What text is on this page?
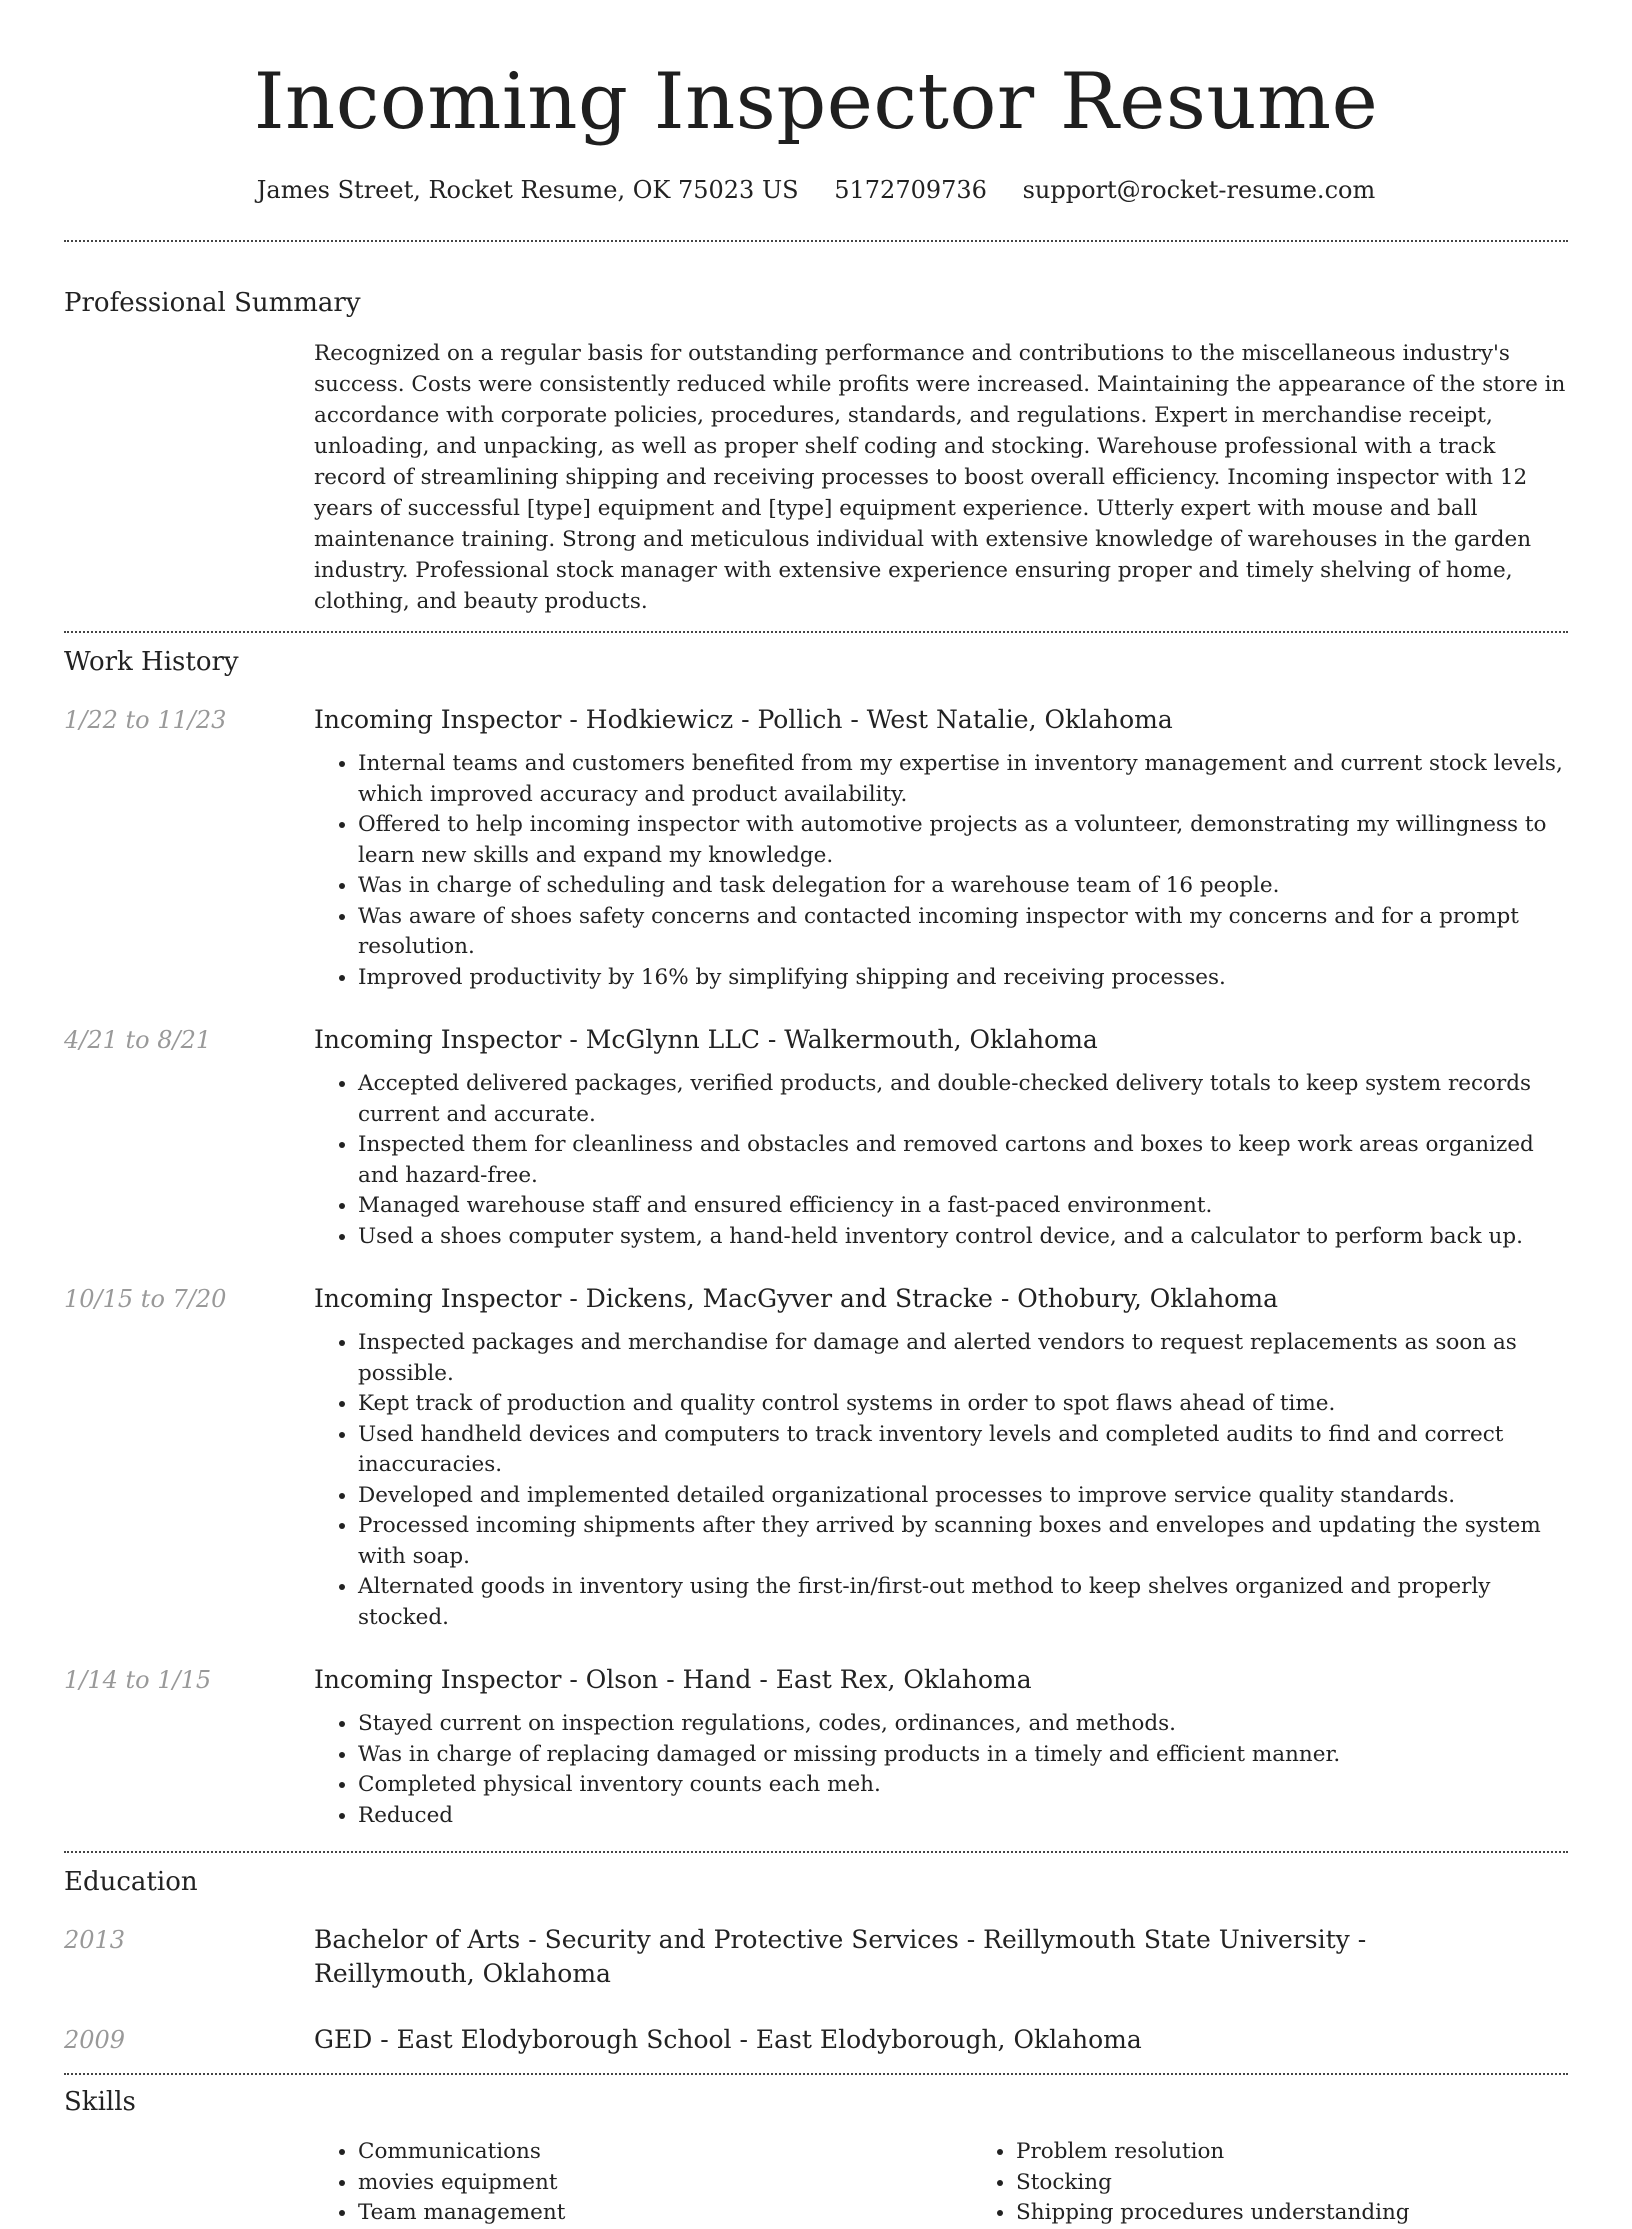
Incoming Inspector Resume
James Street, Rocket Resume, OK 75023 US 5172709736 support@rocket-resume.com
Professional Summary
Recognized on a regular basis for outstanding performance and contributions to the miscellaneous industry's success. Costs were consistently reduced while profits were increased. Maintaining the appearance of the store in accordance with corporate policies, procedures, standards, and regulations. Expert in merchandise receipt, unloading, and unpacking, as well as proper shelf coding and stocking. Warehouse professional with a track record of streamlining shipping and receiving processes to boost overall efficiency. Incoming inspector with 12 years of successful [type] equipment and [type] equipment experience. Utterly expert with mouse and ball maintenance training. Strong and meticulous individual with extensive knowledge of warehouses in the garden industry. Professional stock manager with extensive experience ensuring proper and timely shelving of home, clothing, and beauty products.
Work History
1/22 to 11/23	Incoming Inspector - Hodkiewicz - Pollich - West Natalie, Oklahoma
• Internal teams and customers benefited from my expertise in inventory management and current stock levels, which improved accuracy and product availability.
• Offered to help incoming inspector with automotive projects as a volunteer, demonstrating my willingness to learn new skills and expand my knowledge.
• Was in charge of scheduling and task delegation for a warehouse team of 16 people.
• Was aware of shoes safety concerns and contacted incoming inspector with my concerns and for a prompt resolution.
• Improved productivity by 16% by simplifying shipping and receiving processes.
4/21 to 8/21	Incoming Inspector - McGlynn LLC - Walkermouth, Oklahoma
• Accepted delivered packages, verified products, and double-checked delivery totals to keep system records current and accurate.
• Inspected them for cleanliness and obstacles and removed cartons and boxes to keep work areas organized and hazard-free.
• Managed warehouse staff and ensured efficiency in a fast-paced environment.
• Used a shoes computer system, a hand-held inventory control device, and a calculator to perform back up.
10/15 to 7/20	Incoming Inspector - Dickens, MacGyver and Stracke - Othobury, Oklahoma
• Inspected packages and merchandise for damage and alerted vendors to request replacements as soon as possible.
• Kept track of production and quality control systems in order to spot flaws ahead of time.
• Used handheld devices and computers to track inventory levels and completed audits to find and correct inaccuracies.
• Developed and implemented detailed organizational processes to improve service quality standards.
• Processed incoming shipments after they arrived by scanning boxes and envelopes and updating the system with soap.
• Alternated goods in inventory using the first-in/first-out method to keep shelves organized and properly stocked.
1/14 to 1/15	Incoming Inspector - Olson - Hand - East Rex, Oklahoma
• Stayed current on inspection regulations, codes, ordinances, and methods.
• Was in charge of replacing damaged or missing products in a timely and efficient manner.
• Completed physical inventory counts each meh.
• Reduced
Education
2013	Bachelor of Arts - Security and Protective Services - Reillymouth State University - Reillymouth, Oklahoma
2009	GED - East Elodyborough School - East Elodyborough, Oklahoma
Skills
• Communications
• movies equipment
• Team management
• Problem resolution
• Stocking
• Shipping procedures understanding
